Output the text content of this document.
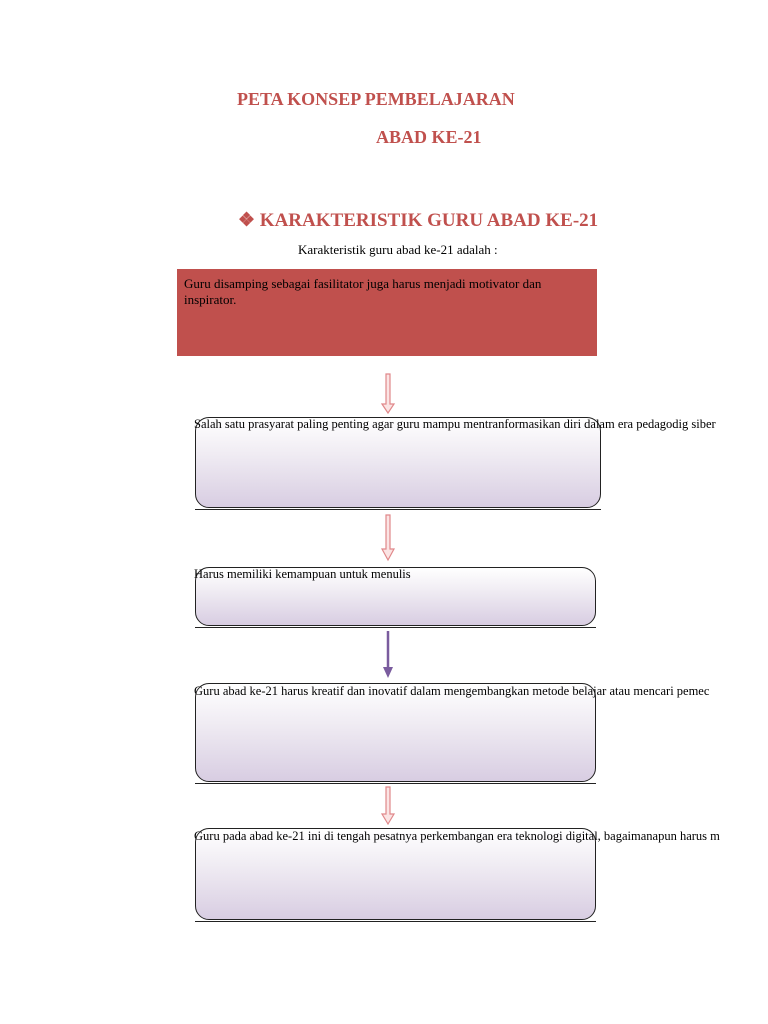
PETA KONSEP PEMBELAJARAN
ABAD KE-21
❖ KARAKTERISTIK GURU ABAD KE-21
Karakteristik guru abad ke-21 adalah :
Guru disamping sebagai fasilitator juga harus menjadi motivator dan inspirator.
Salah satu prasyarat paling penting agar guru mampu mentranformasikan diri dalam era pedagodig siber
Harus memiliki kemampuan untuk menulis
Guru abad ke-21 harus kreatif dan inovatif dalam mengembangkan metode belajar atau mencari pemec
Guru pada abad ke-21 ini di tengah pesatnya perkembangan era teknologi digital, bagaimanapun harus m
